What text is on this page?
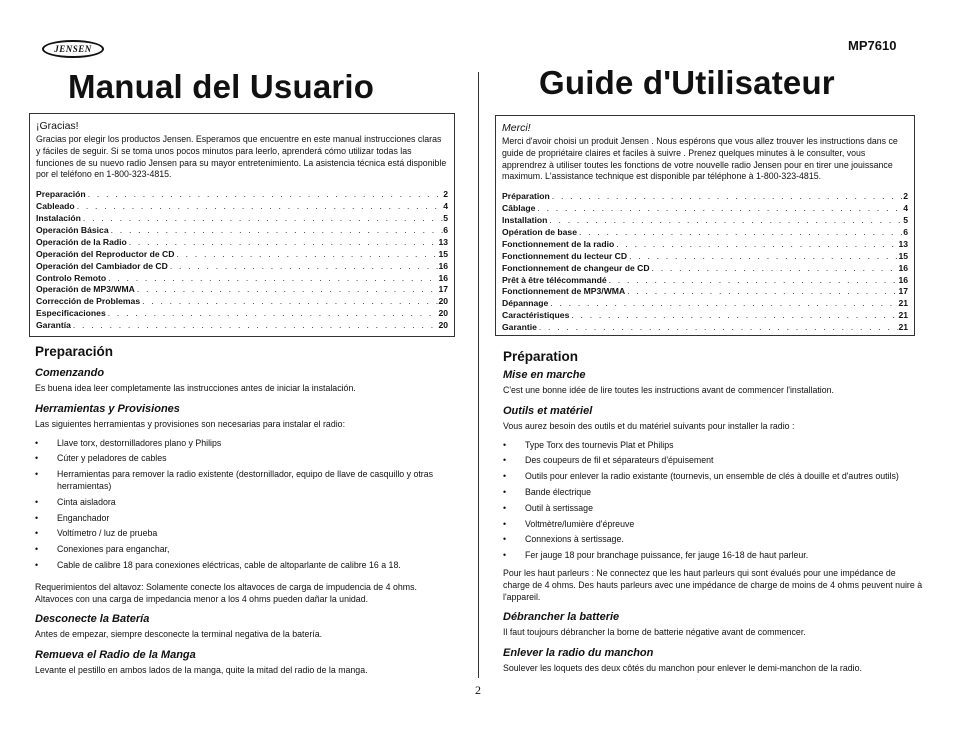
JENSEN	MP7610
2
Manual del Usuario
¡Gracias!
Gracias por elegir los productos Jensen. Esperamos que encuentre en este manual instrucciones claras y fáciles de seguir. Si se toma unos pocos minutos para leerlo, aprenderá cómo utilizar todas las funciones de su nuevo radio Jensen para su mayor entretenimiento. La asistencia técnica está disponible por el teléfono en 1-800-323-4815.
Preparación . . .	2
Cableado . . .	4
Instalación . . .	5
Operación Básica . . .	6
Operación de la Radio . . .	13
Operación del Reproductor de CD . . .	15
Operación del Cambiador de CD . . .	16
Controlo Remoto . . .	16
Operación de MP3/WMA . . .	17
Corrección de Problemas . . .	20
Especificaciones . . .	20
Garantía . . .	20
Preparación
Comenzando
Es buena idea leer completamente las instrucciones antes de iniciar la instalación.
Herramientas y Provisiones
Las siguientes herramientas y provisiones son necesarias para instalar el radio:
• Llave torx, destornilladores plano y Philips
• Cúter y peladores de cables
• Herramientas para remover la radio existente (destornillador, equipo de llave de casquillo y otras herramientas)
• Cinta aisladora
• Enganchador
• Voltímetro / luz de prueba
• Conexiones para enganchar,
• Cable de calibre 18 para conexiones eléctricas, cable de altoparlante de calibre 16 a 18.
Requerimientos del altavoz: Solamente conecte los altavoces de carga de impudencia de 4 ohms. Altavoces con una carga de impedancia menor a los 4 ohms pueden dañar la unidad.
Desconecte la Batería
Antes de empezar, siempre desconecte la terminal negativa de la batería.
Remueva el Radio de la Manga
Levante el pestillo en ambos lados de la manga, quite la mitad del radio de la manga.
Guide d'Utilisateur
Merci!
Merci d'avoir choisi un produit Jensen . Nous espérons que vous allez trouver les instructions dans ce guide de propriétaire claires et faciles à suivre . Prenez quelques minutes à le consulter, vous apprendrez à utiliser toutes les fonctions de votre nouvelle radio Jensen pour en tirer une jouissance maximum. L'assistance technique est disponible par téléphone à 1-800-323-4815.
Préparation . . .	2
Câblage . . .	4
Installation . . .	5
Opération de base . . .	6
Fonctionnement de la radio . . .	13
Fonctionnement du lecteur CD . . .	15
Fonctionnement de changeur de CD . . .	16
Prêt à être télécommandé . . .	16
Fonctionnement de MP3/WMA . . .	17
Dépannage . . .	21
Caractéristiques . . .	21
Garantie . . .	21
Préparation
Mise en marche
C'est une bonne idée de lire toutes les instructions avant de commencer l'installation.
Outils et matériel
Vous aurez besoin des outils et du matériel suivants pour installer la radio :
• Type Torx des tournevis Plat et Philips
• Des coupeurs de fil et séparateurs d'épuisement
• Outils pour enlever la radio existante (tournevis, un ensemble de clés à douille et d'autres outils)
• Bande électrique
• Outil à sertissage
• Voltmètre/lumière d'épreuve
• Connexions à sertissage.
• Fer jauge 18 pour branchage puissance, fer jauge 16-18 de haut parleur.
Pour les haut parleurs : Ne connectez que les haut parleurs qui sont évalués pour une impédance de charge de 4 ohms. Des hauts parleurs avec une impédance de charge de moins de 4 ohms peuvent nuire à l'appareil.
Débrancher la batterie
Il faut toujours débrancher la borne de batterie négative avant de commencer.
Enlever la radio du manchon
Soulever les loquets des deux côtés du manchon pour enlever le demi-manchon de la radio.
